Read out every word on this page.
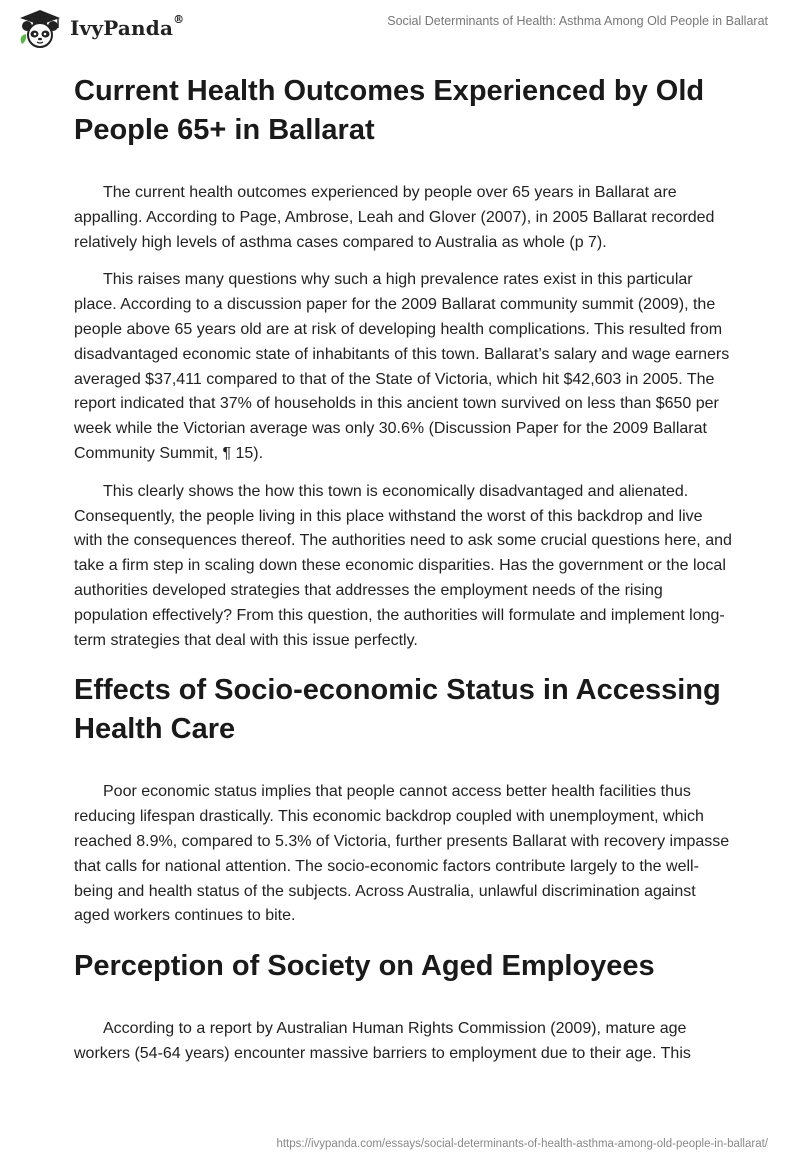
IvyPanda®	Social Determinants of Health: Asthma Among Old People in Ballarat
Current Health Outcomes Experienced by Old People 65+ in Ballarat

The current health outcomes experienced by people over 65 years in Ballarat are appalling. According to Page, Ambrose, Leah and Glover (2007), in 2005 Ballarat recorded relatively high levels of asthma cases compared to Australia as whole (p 7).

This raises many questions why such a high prevalence rates exist in this particular place. According to a discussion paper for the 2009 Ballarat community summit (2009), the people above 65 years old are at risk of developing health complications. This resulted from disadvantaged economic state of inhabitants of this town. Ballarat’s salary and wage earners averaged $37,411 compared to that of the State of Victoria, which hit $42,603 in 2005. The report indicated that 37% of households in this ancient town survived on less than $650 per week while the Victorian average was only 30.6% (Discussion Paper for the 2009 Ballarat Community Summit, ¶ 15).

This clearly shows the how this town is economically disadvantaged and alienated. Consequently, the people living in this place withstand the worst of this backdrop and live with the consequences thereof. The authorities need to ask some crucial questions here, and take a firm step in scaling down these economic disparities. Has the government or the local authorities developed strategies that addresses the employment needs of the rising population effectively? From this question, the authorities will formulate and implement long-term strategies that deal with this issue perfectly.

Effects of Socio-economic Status in Accessing Health Care

Poor economic status implies that people cannot access better health facilities thus reducing lifespan drastically. This economic backdrop coupled with unemployment, which reached 8.9%, compared to 5.3% of Victoria, further presents Ballarat with recovery impasse that calls for national attention. The socio-economic factors contribute largely to the well-being and health status of the subjects. Across Australia, unlawful discrimination against aged workers continues to bite.

Perception of Society on Aged Employees

According to a report by Australian Human Rights Commission (2009), mature age workers (54-64 years) encounter massive barriers to employment due to their age. This

https://ivypanda.com/essays/social-determinants-of-health-asthma-among-old-people-in-ballarat/
